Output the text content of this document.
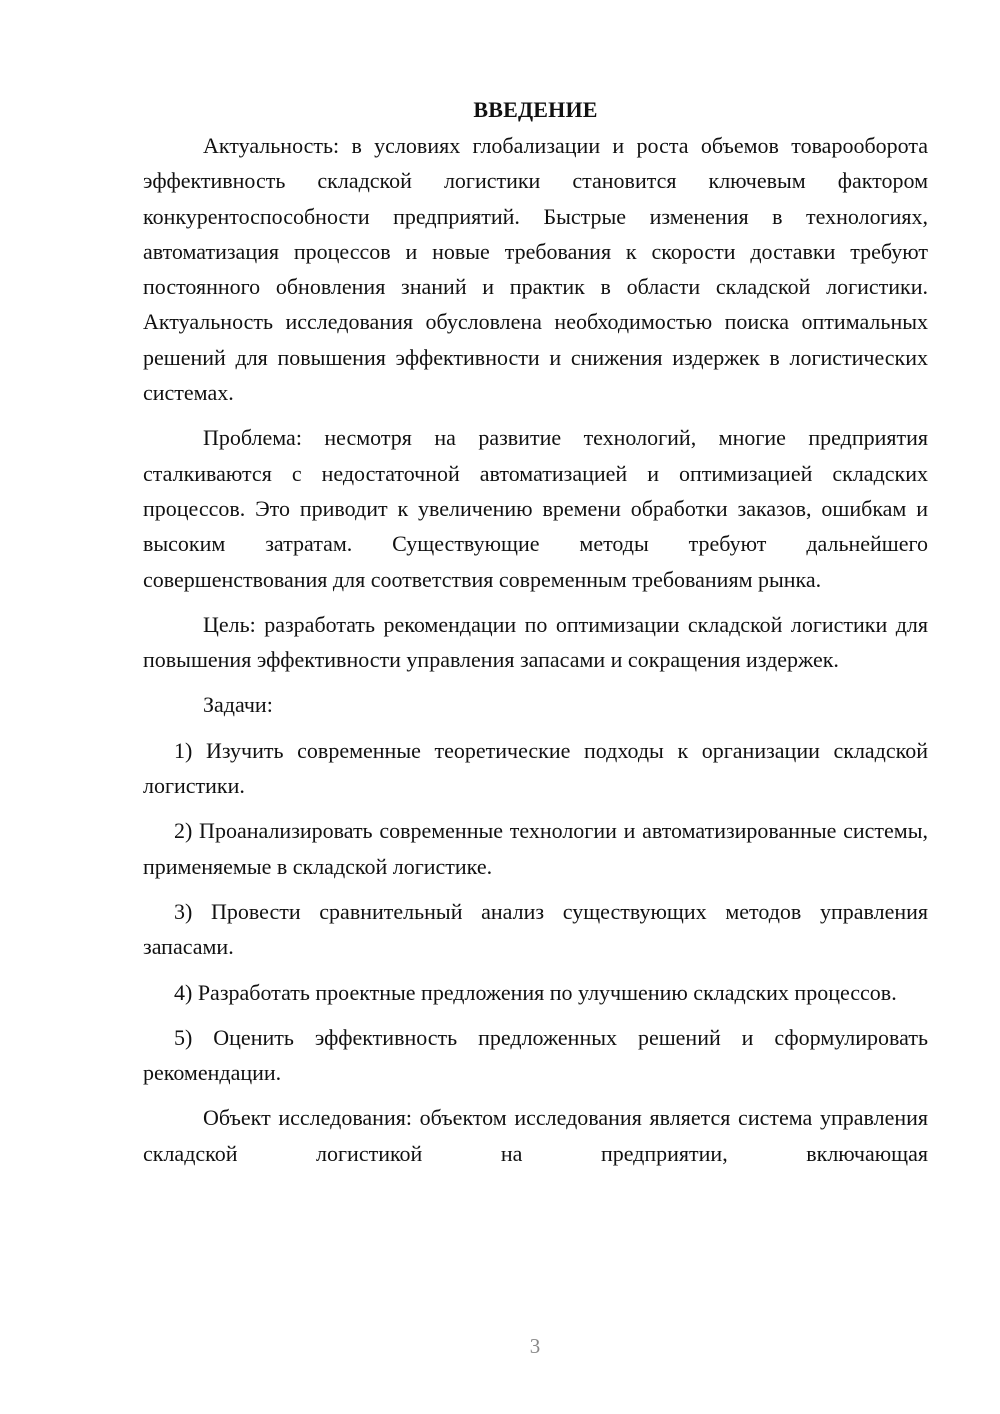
ВВЕДЕНИЕ

Актуальность: в условиях глобализации и роста объемов товарооборота эффективность складской логистики становится ключевым фактором конкурентоспособности предприятий. Быстрые изменения в технологиях, автоматизация процессов и новые требования к скорости доставки требуют постоянного обновления знаний и практик в области складской логистики. Актуальность исследования обусловлена необходимостью поиска оптимальных решений для повышения эффективности и снижения издержек в логистических системах.

Проблема: несмотря на развитие технологий, многие предприятия сталкиваются с недостаточной автоматизацией и оптимизацией складских процессов. Это приводит к увеличению времени обработки заказов, ошибкам и высоким затратам. Существующие методы требуют дальнейшего совершенствования для соответствия современным требованиям рынка.

Цель: разработать рекомендации по оптимизации складской логистики для повышения эффективности управления запасами и сокращения издержек.

Задачи:

1) Изучить современные теоретические подходы к организации складской логистики.

2) Проанализировать современные технологии и автоматизированные системы, применяемые в складской логистике.

3) Провести сравнительный анализ существующих методов управления запасами.

4) Разработать проектные предложения по улучшению складских процессов.

5) Оценить эффективность предложенных решений и сформулировать рекомендации.

Объект исследования: объектом исследования является система управления складской логистикой на предприятии, включающая

3
